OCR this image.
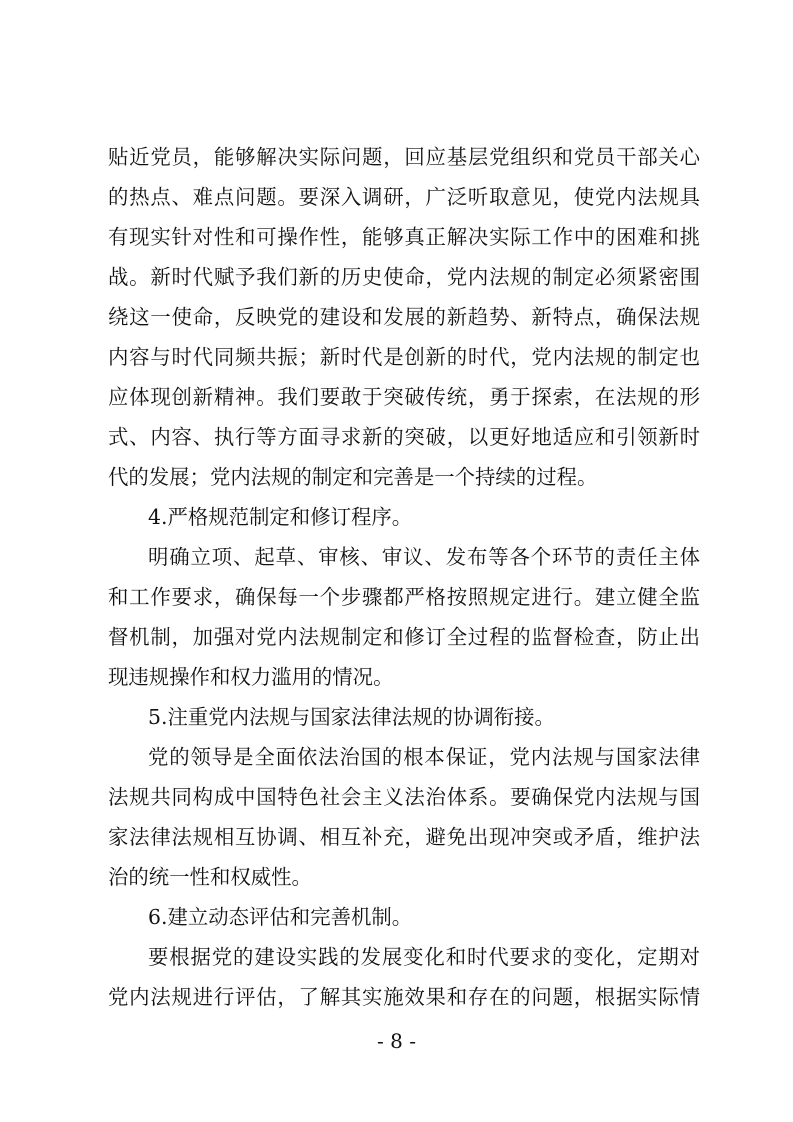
贴近党员，能够解决实际问题，回应基层党组织和党员干部关心
的热点、难点问题。要深入调研，广泛听取意见，使党内法规具
有现实针对性和可操作性，能够真正解决实际工作中的困难和挑
战。新时代赋予我们新的历史使命，党内法规的制定必须紧密围
绕这一使命，反映党的建设和发展的新趋势、新特点，确保法规
内容与时代同频共振；新时代是创新的时代，党内法规的制定也
应体现创新精神。我们要敢于突破传统，勇于探索，在法规的形
式、内容、执行等方面寻求新的突破，以更好地适应和引领新时
代的发展；党内法规的制定和完善是一个持续的过程。
4.严格规范制定和修订程序。
明确立项、起草、审核、审议、发布等各个环节的责任主体
和工作要求，确保每一个步骤都严格按照规定进行。建立健全监
督机制，加强对党内法规制定和修订全过程的监督检查，防止出
现违规操作和权力滥用的情况。
5.注重党内法规与国家法律法规的协调衔接。
党的领导是全面依法治国的根本保证，党内法规与国家法律
法规共同构成中国特色社会主义法治体系。要确保党内法规与国
家法律法规相互协调、相互补充，避免出现冲突或矛盾，维护法
治的统一性和权威性。
6.建立动态评估和完善机制。
要根据党的建设实践的发展变化和时代要求的变化，定期对
党内法规进行评估，了解其实施效果和存在的问题，根据实际情
- 8 -
